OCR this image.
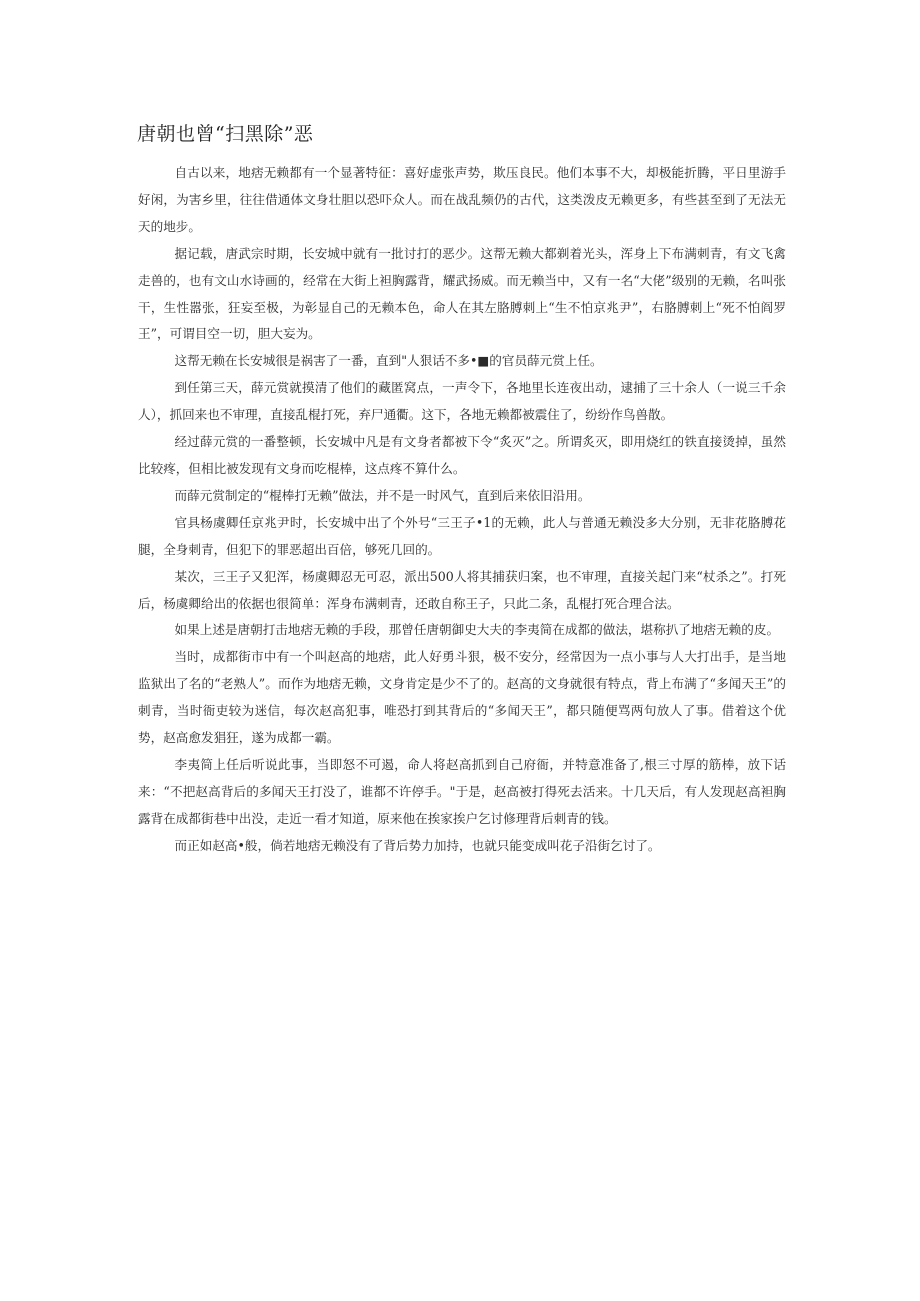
唐朝也曾“扫黑除”恶

自古以来，地痞无赖都有一个显著特征：喜好虚张声势，欺压良民。他们本事不大，却极能折腾，平日里游手好闲，为害乡里，往往借通体文身壮胆以恐吓众人。而在战乱频仍的古代，这类泼皮无赖更多，有些甚至到了无法无天的地步。

据记载，唐武宗时期，长安城中就有一批讨打的恶少。这帮无赖大都剃着光头，浑身上下布满刺青，有文飞禽走兽的，也有文山水诗画的，经常在大街上袒胸露背，耀武扬威。而无赖当中，又有一名“大佬”级别的无赖，名叫张干，生性嚣张，狂妄至极，为彰显自己的无赖本色，命人在其左胳膊刺上“生不怕京兆尹”，右胳膊刺上“死不怕阎罗王”，可谓目空一切，胆大妄为。

这帮无赖在长安城很是祸害了一番，直到"人狠话不多•■的官员薛元赏上任。

到任第三天，薛元赏就摸清了他们的藏匿窝点，一声令下，各地里长连夜出动，逮捕了三十余人（一说三千余人），抓回来也不审理，直接乱棍打死，弃尸通衢。这下，各地无赖都被震住了，纷纷作鸟兽散。

经过薛元赏的一番整顿，长安城中凡是有文身者都被下令“炙灭”之。所谓炙灭，即用烧红的铁直接烫掉，虽然比较疼，但相比被发现有文身而吃棍棒，这点疼不算什么。

而薛元赏制定的“棍棒打无赖”做法，并不是一时风气，直到后来依旧沿用。

官具杨虞卿任京兆尹时，长安城中出了个外号“三王子•1的无赖，此人与普通无赖没多大分别，无非花胳膊花腿，全身刺青，但犯下的罪恶超出百倍，够死几回的。

某次，三王子又犯浑，杨虞卿忍无可忍，派出500人将其捕获归案，也不审理，直接关起门来“杖杀之”。打死后，杨虞卿给出的依据也很简单：浑身布满刺青，还敢自称王子，只此二条，乱棍打死合理合法。

如果上述是唐朝打击地痞无赖的手段，那曾任唐朝御史大夫的李夷简在成都的做法，堪称扒了地痞无赖的皮。

当时，成都街市中有一个叫赵高的地痞，此人好勇斗狠，极不安分，经常因为一点小事与人大打出手，是当地监狱出了名的“老熟人”。而作为地痞无赖，文身肯定是少不了的。赵高的文身就很有特点，背上布满了“多闻天王”的刺青，当时衙吏较为迷信，每次赵高犯事，唯恐打到其背后的“多闻天王”，都只随便骂两句放人了事。借着这个优势，赵高愈发猖狂，遂为成都一霸。

李夷简上任后听说此事，当即怒不可遏，命人将赵高抓到自己府衙，并特意准备了,根三寸厚的筋棒，放下话来：“不把赵高背后的多闻天王打没了，谁都不许停手。"于是，赵高被打得死去活来。十几天后，有人发现赵高袒胸露背在成都街巷中出没，走近一看才知道，原来他在挨家挨户乞讨修理背后刺青的钱。

而正如赵高•般，倘若地痞无赖没有了背后势力加持，也就只能变成叫花子沿街乞讨了。
